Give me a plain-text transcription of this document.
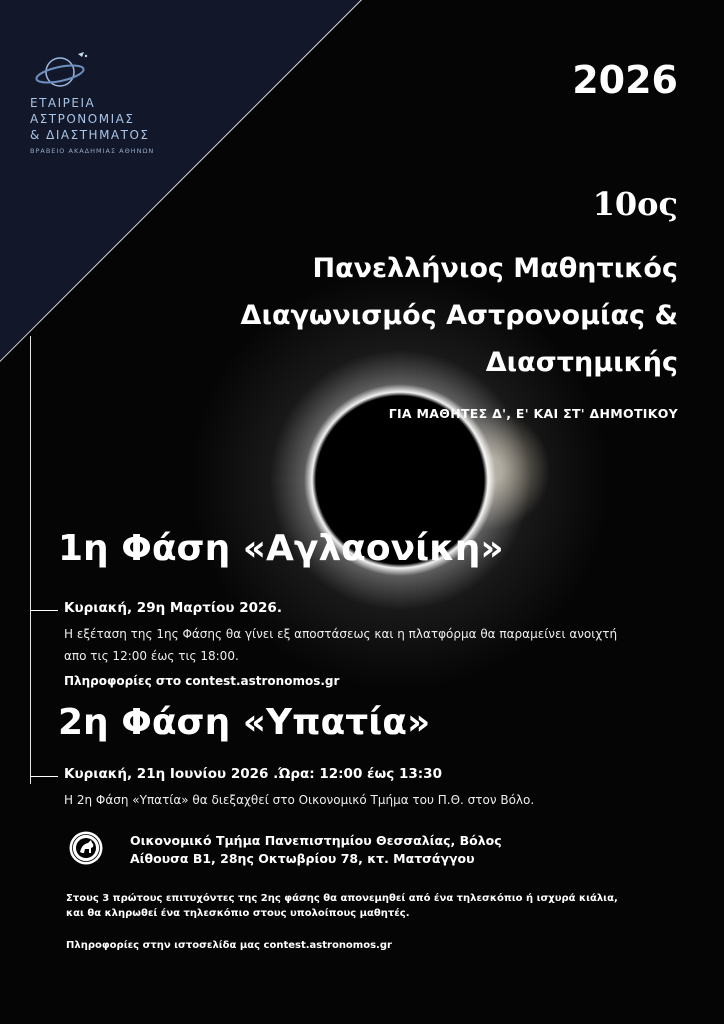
ΕΤΑΙΡΕΙΑ
ΑΣΤΡΟΝΟΜΙΑΣ
& ΔΙΑΣΤΗΜΑΤΟΣ
ΒΡΑΒΕΙΟ ΑΚΑΔΗΜΙΑΣ ΑΘΗΝΩΝ
2026
10ος
Πανελλήνιος Μαθητικός
Διαγωνισμός Αστρονομίας &
Διαστημικής
ΓΙΑ ΜΑΘΗΤΕΣ Δ', Ε' ΚΑΙ ΣΤ' ΔΗΜΟΤΙΚΟΥ
1η Φάση «Αγλαονίκη»
Κυριακή, 29η Μαρτίου 2026.
Η εξέταση της 1ης Φάσης θα γίνει εξ αποστάσεως και η πλατφόρμα θα παραμείνει ανοιχτή
απο τις 12:00 έως τις 18:00.
Πληροφορίες στο contest.astronomos.gr
2η Φάση «Υπατία»
Κυριακή, 21η Ιουνίου 2026 .Ώρα: 12:00 έως 13:30
Η 2η Φάση «Υπατία» θα διεξαχθεί στο Οικονομικό Τμήμα του Π.Θ. στον Βόλο.
Οικονομικό Τμήμα Πανεπιστημίου Θεσσαλίας, Βόλος
Αίθουσα Β1, 28ης Οκτωβρίου 78, κτ. Ματσάγγου
Στους 3 πρώτους επιτυχόντες της 2ης φάσης θα απονεμηθεί από ένα τηλεσκόπιο ή ισχυρά κιάλια,
και θα κληρωθεί ένα τηλεσκόπιο στους υπολοίπους μαθητές.
Πληροφορίες στην ιστοσελίδα μας contest.astronomos.gr
